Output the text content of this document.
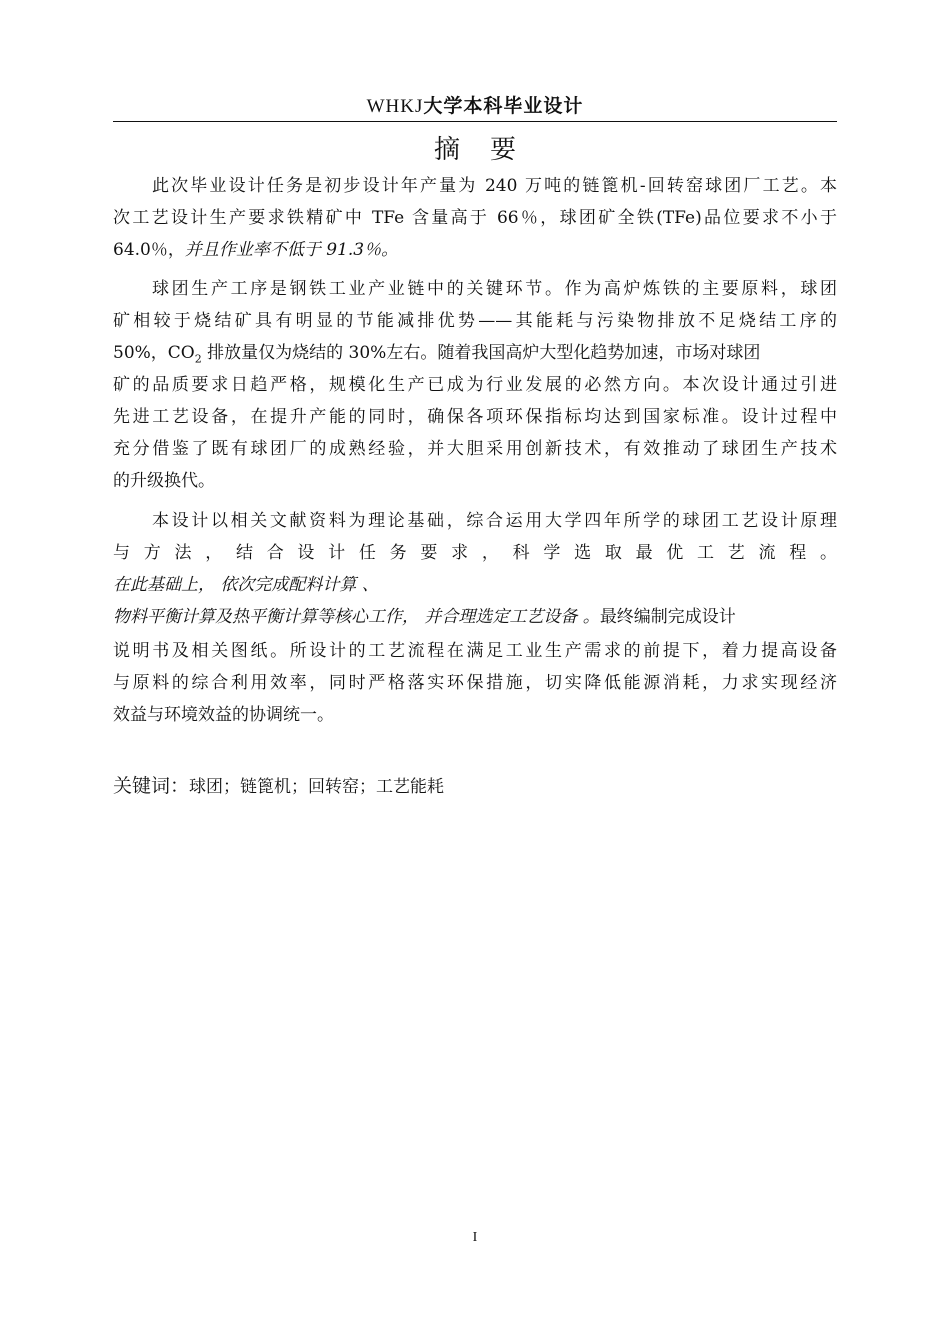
WHKJ大学本科毕业设计
摘要
此次毕业设计任务是初步设计年产量为 240 万吨的链篦机-回转窑球团厂工艺。本
次工艺设计生产要求铁精矿中 TFe 含量高于 66％，球团矿全铁(TFe)品位要求不小于
64.0％，并且作业率不低于 91.3％。
球团生产工序是钢铁工业产业链中的关键环节。作为高炉炼铁的主要原料，球团
矿相较于烧结矿具有明显的节能减排优势——其能耗与污染物排放不足烧结工序的
50%，$CO_2$ 排放量仅为烧结的 30%左右。随着我国高炉大型化趋势加速，市场对球团
矿的品质要求日趋严格，规模化生产已成为行业发展的必然方向。本次设计通过引进
先进工艺设备，在提升产能的同时，确保各项环保指标均达到国家标准。设计过程中
充分借鉴了既有球团厂的成熟经验，并大胆采用创新技术，有效推动了球团生产技术
的升级换代。
本设计以相关文献资料为理论基础，综合运用大学四年所学的球团工艺设计原理
与方法，结合设计任务要求，科学选取最优工艺流程。
在此基础上， 依次完成配料计算 、
物料平衡计算及热平衡计算等核心工作， 并合理选定工艺设备 。最终编制完成设计
说明书及相关图纸。所设计的工艺流程在满足工业生产需求的前提下，着力提高设备
与原料的综合利用效率，同时严格落实环保措施，切实降低能源消耗，力求实现经济
效益与环境效益的协调统一。
关键词：球团；链篦机；回转窑；工艺能耗
I
